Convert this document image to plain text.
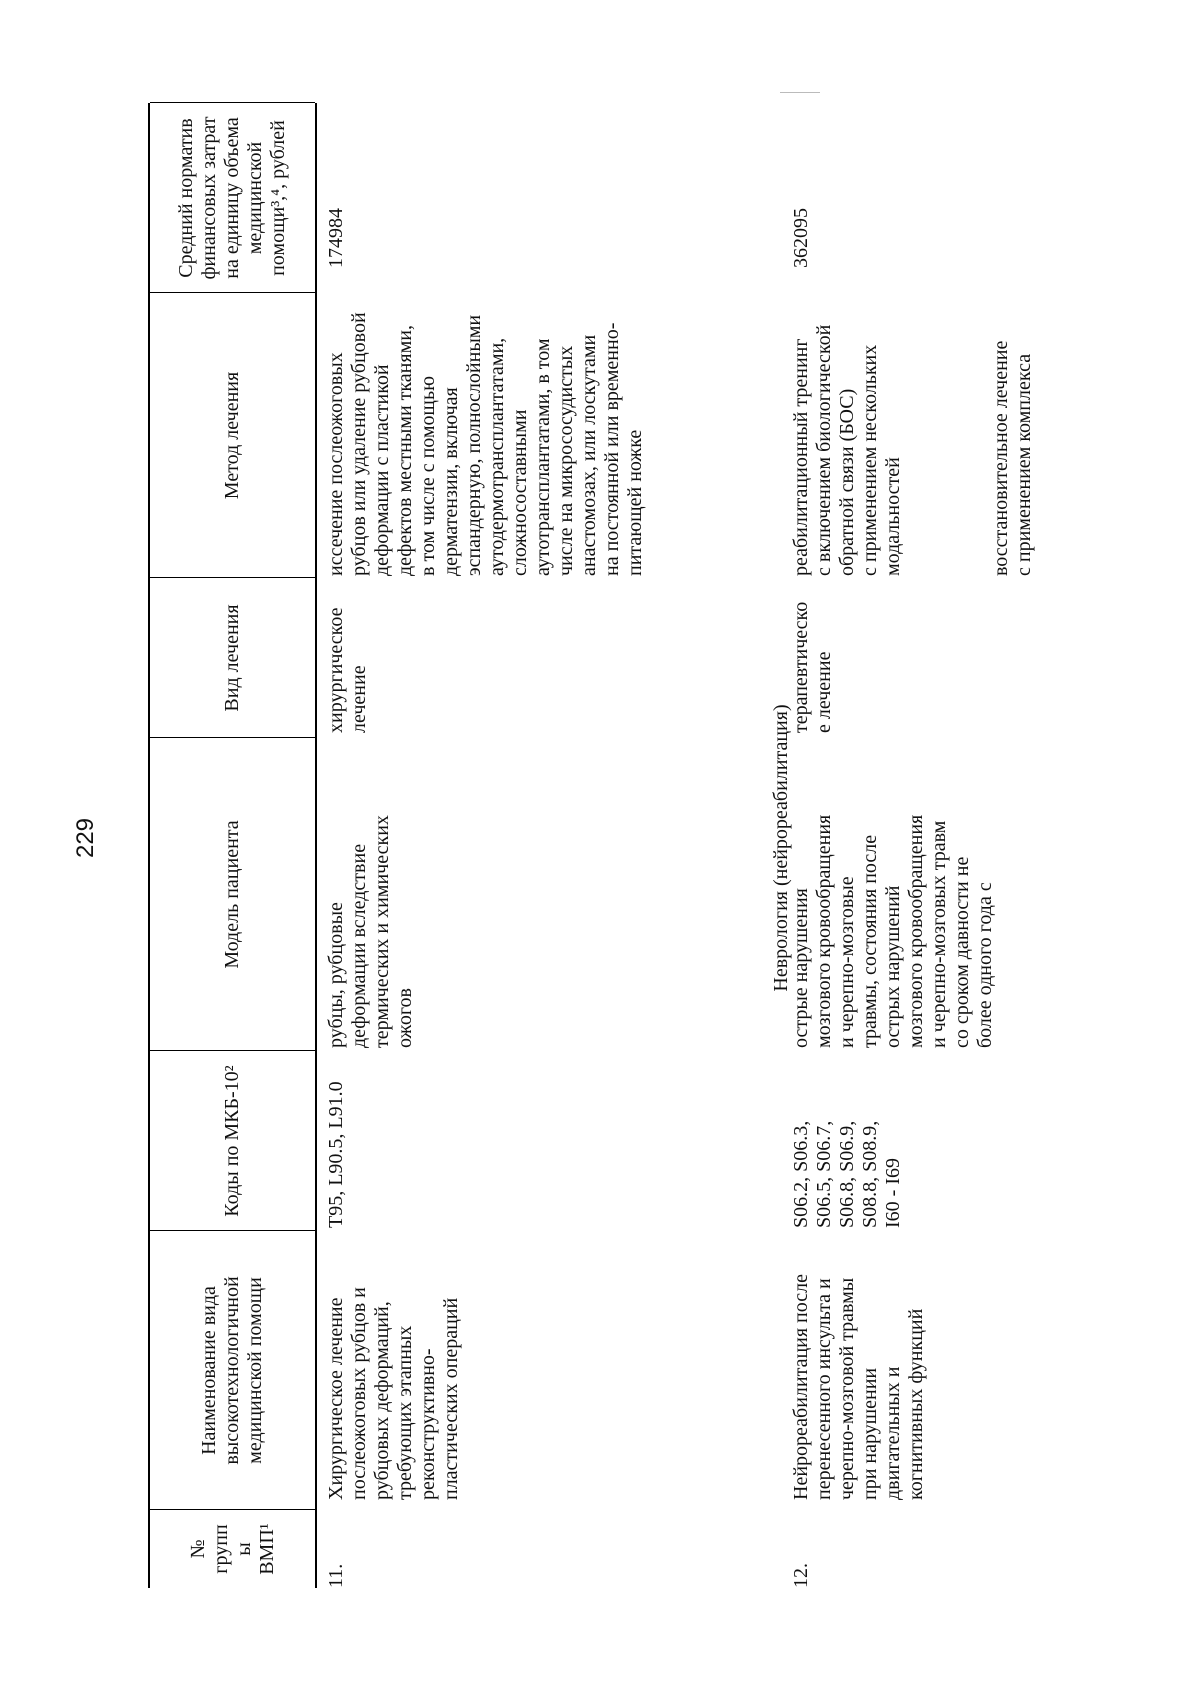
229
№ групп ы ВМП¹
Наименование вида высокотехнологичной медицинской помощи
Коды по МКБ-10²
Модель пациента
Вид лечения
Метод лечения
Средний норматив финансовых затрат на единицу объема медицинской помощи³,⁴, рублей
11.
Хирургическое лечение
послеожоговых рубцов и
рубцовых деформаций,
требующих этапных
реконструктивно-
пластических операций
T95, L90.5, L91.0
рубцы, рубцовые
деформации вследствие
термических и химических
ожогов
хирургическое
лечение
иссечение послеожоговых
рубцов или удаление рубцовой
деформации с пластикой
дефектов местными тканями,
в том числе с помощью
дерматензии, включая
эспандерную, полнослойными
аутодермотрансплантатами,
сложносоставными
аутотрансплантатами, в том
числе на микрососудистых
анастомозах, или лоскутами
на постоянной или временно-
питающей ножке
174984
Неврология (нейрореабилитация)
12.
Нейрореабилитация после
перенесенного инсульта и
черепно-мозговой травмы
при нарушении
двигательных и
когнитивных функций
S06.2, S06.3,
S06.5, S06.7,
S06.8, S06.9,
S08.8, S08.9,
I60 - I69
острые нарушения
мозгового кровообращения
и черепно-мозговые
травмы, состояния после
острых нарушений
мозгового кровообращения
и черепно-мозговых травм
со сроком давности не
более одного года с
терапевтическо
е лечение
реабилитационный тренинг
с включением биологической
обратной связи (БОС)
с применением нескольких
модальностей	восстановительное лечение
с применением комплекса
362095
